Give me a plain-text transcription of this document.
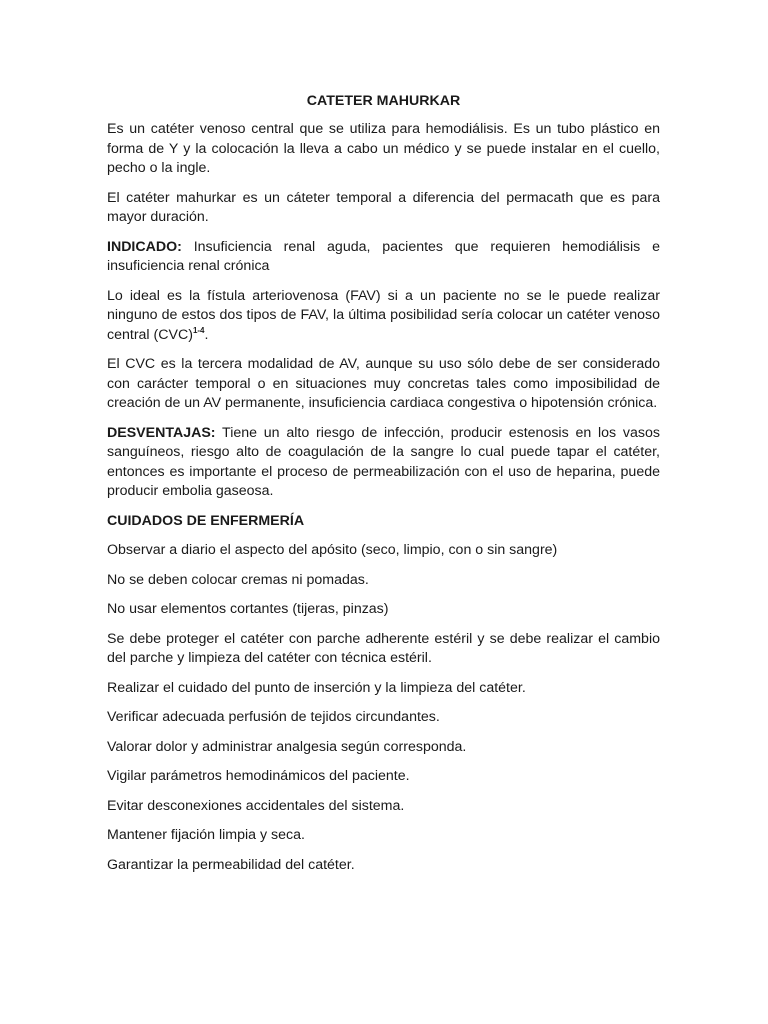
CATETER MAHURKAR

Es un catéter venoso central que se utiliza para hemodiálisis. Es un tubo plástico en forma de Y y la colocación la lleva a cabo un médico y se puede instalar en el cuello, pecho o la ingle.

El catéter mahurkar es un cáteter temporal a diferencia del permacath que es para mayor duración.

INDICADO: Insuficiencia renal aguda, pacientes que requieren hemodiálisis e insuficiencia renal crónica

Lo ideal es la fístula arteriovenosa (FAV) si a un paciente no se le puede realizar ninguno de estos dos tipos de FAV, la última posibilidad sería colocar un catéter venoso central (CVC)$^{1-4}$.

El CVC es la tercera modalidad de AV, aunque su uso sólo debe de ser considerado con carácter temporal o en situaciones muy concretas tales como imposibilidad de creación de un AV permanente, insuficiencia cardiaca congestiva o hipotensión crónica.

DESVENTAJAS: Tiene un alto riesgo de infección, producir estenosis en los vasos sanguíneos, riesgo alto de coagulación de la sangre lo cual puede tapar el catéter, entonces es importante el proceso de permeabilización con el uso de heparina, puede producir embolia gaseosa.

CUIDADOS DE ENFERMERÍA

Observar a diario el aspecto del apósito (seco, limpio, con o sin sangre)

No se deben colocar cremas ni pomadas.

No usar elementos cortantes (tijeras, pinzas)

Se debe proteger el catéter con parche adherente estéril y se debe realizar el cambio del parche y limpieza del catéter con técnica estéril.

Realizar el cuidado del punto de inserción y la limpieza del catéter.

Verificar adecuada perfusión de tejidos circundantes.

Valorar dolor y administrar analgesia según corresponda.

Vigilar parámetros hemodinámicos del paciente.

Evitar desconexiones accidentales del sistema.

Mantener fijación limpia y seca.

Garantizar la permeabilidad del catéter.
